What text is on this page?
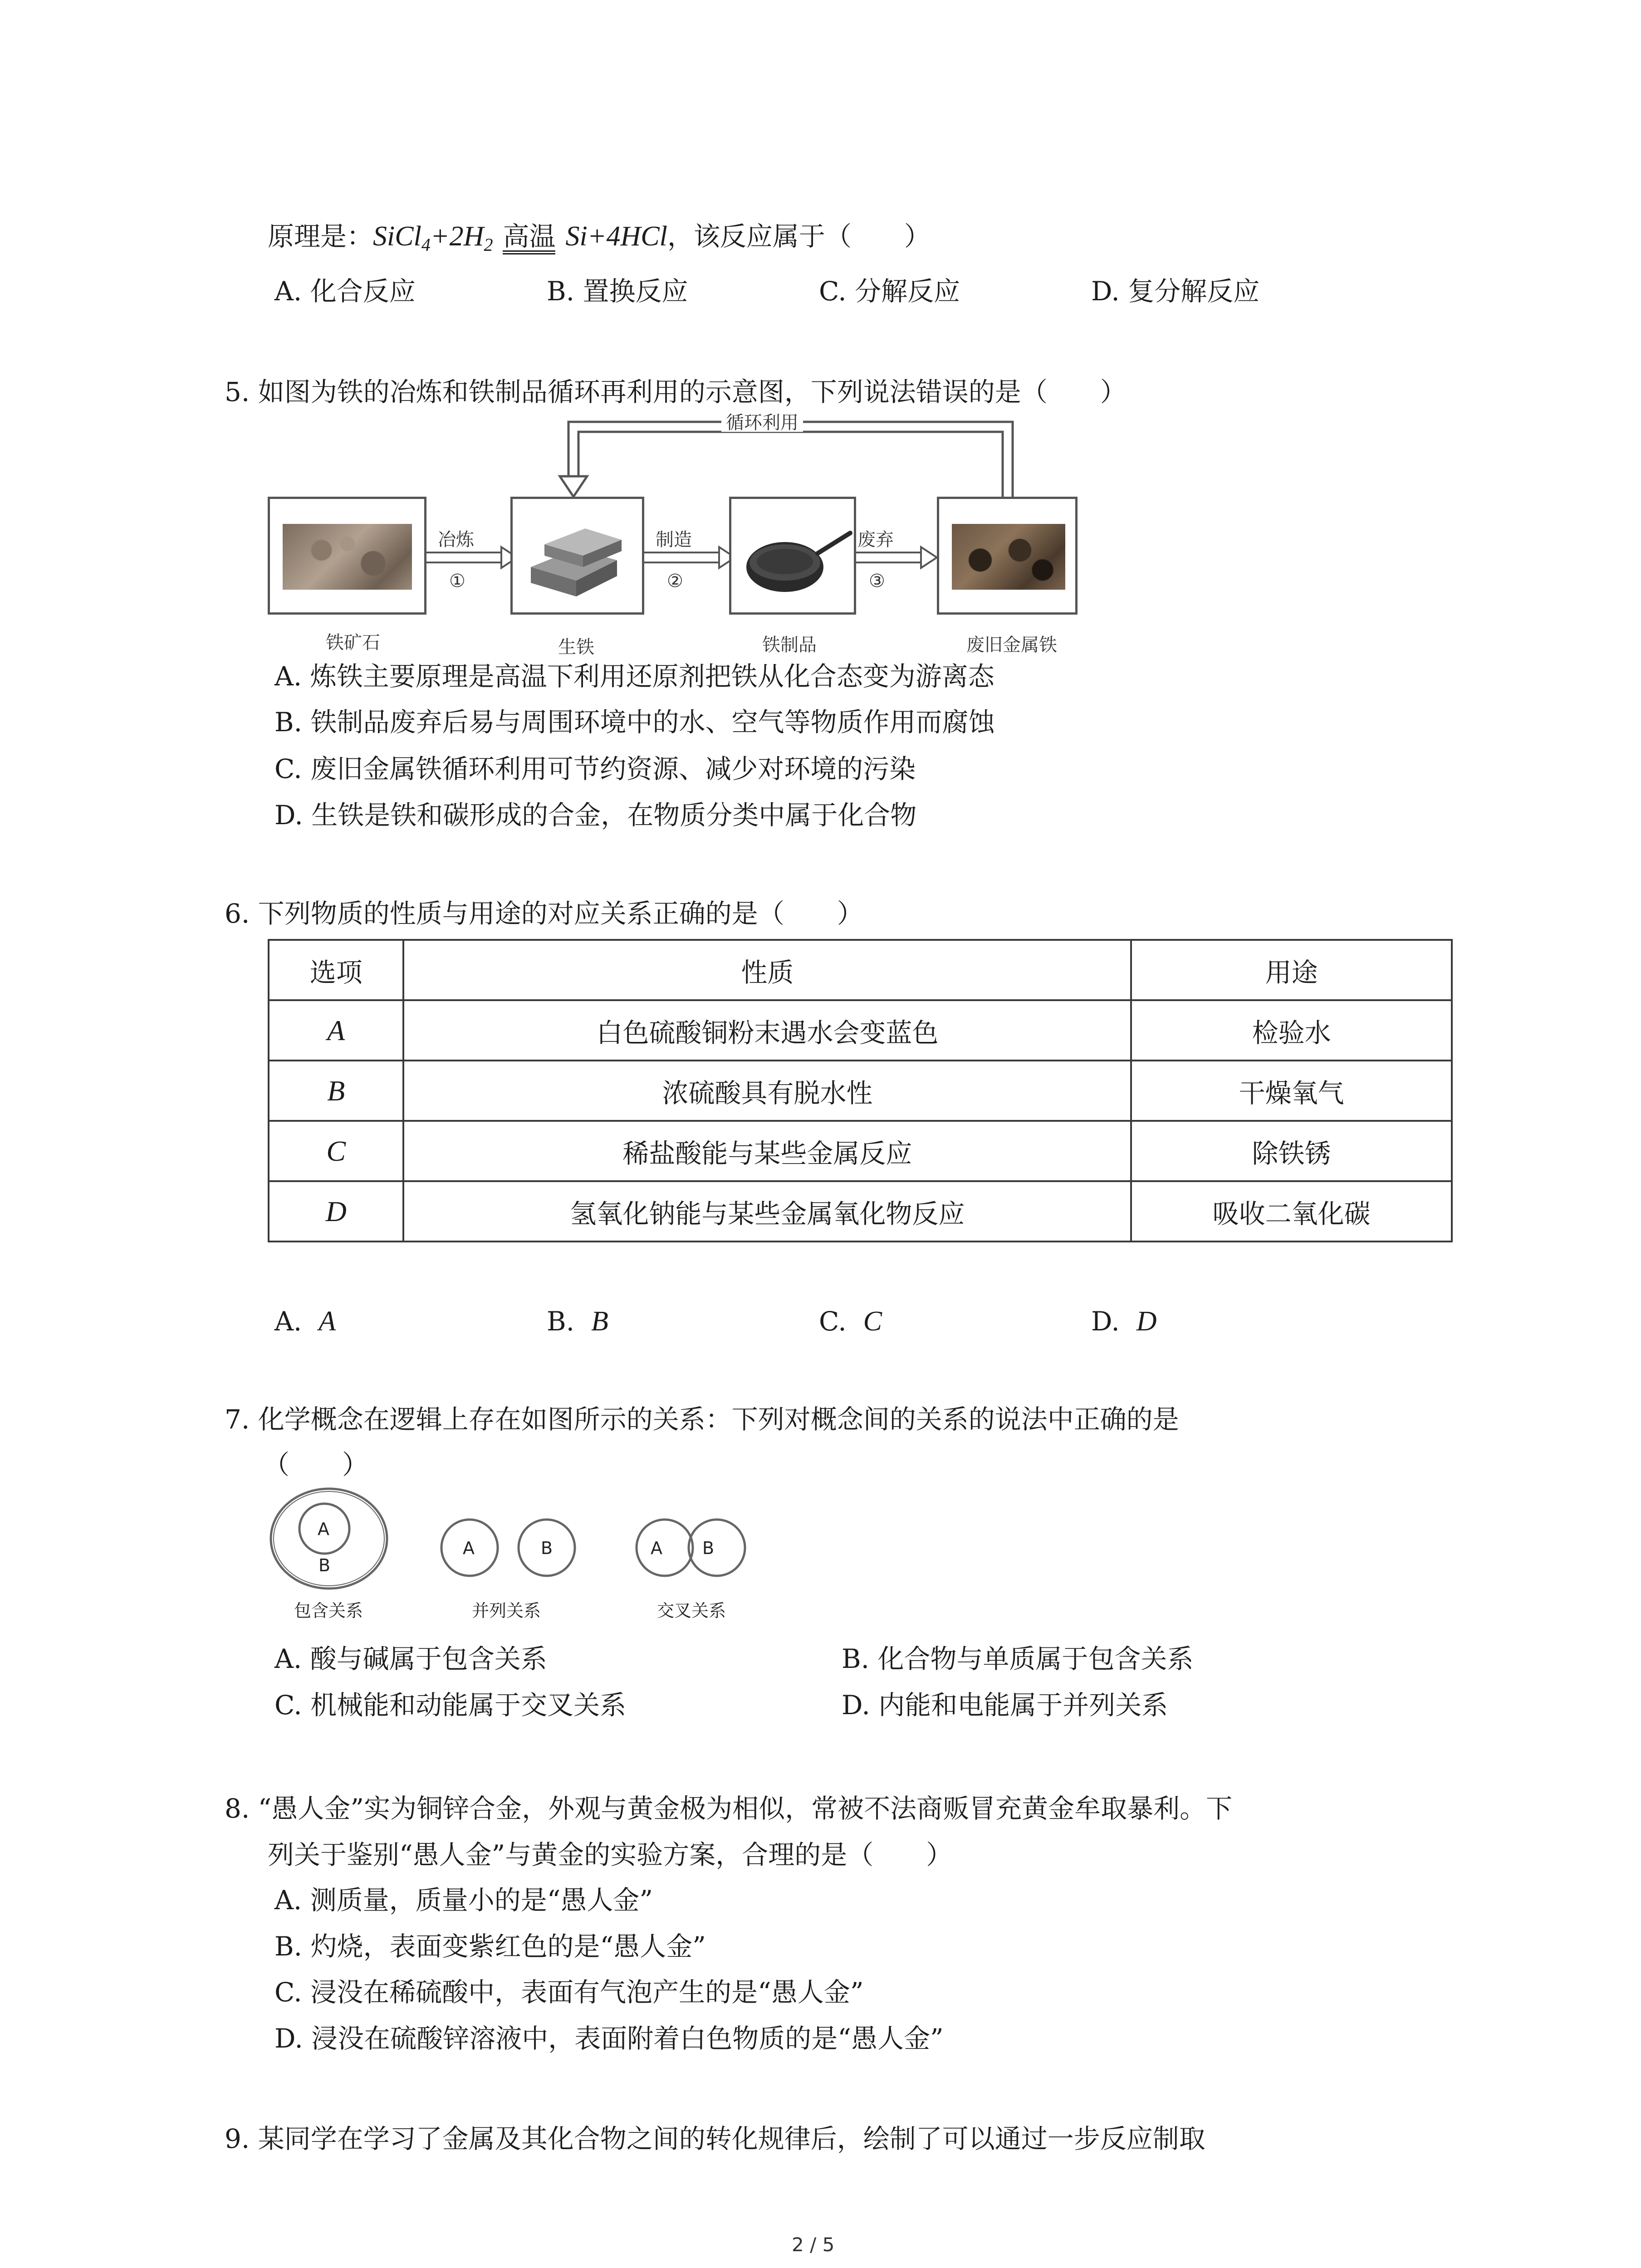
原理是：$SiCl_4+2H_2$ 高温 Si+4HCl，该反应属于（　　）
A. 化合反应	B. 置换反应	C. 分解反应	D. 复分解反应
5. 如图为铁的冶炼和铁制品循环再利用的示意图，下列说法错误的是（　　）
循环利用
冶炼
①
制造
②
废弃
③
铁矿石	生铁	铁制品	废旧金属铁
A. 炼铁主要原理是高温下利用还原剂把铁从化合态变为游离态
B. 铁制品废弃后易与周围环境中的水、空气等物质作用而腐蚀
C. 废旧金属铁循环利用可节约资源、减少对环境的污染
D. 生铁是铁和碳形成的合金，在物质分类中属于化合物
6. 下列物质的性质与用途的对应关系正确的是（　　）
选项	性质	用途
A	白色硫酸铜粉末遇水会变蓝色	检验水
B	浓硫酸具有脱水性	干燥氧气
C	稀盐酸能与某些金属反应	除铁锈
D	氢氧化钠能与某些金属氧化物反应	吸收二氧化碳
A. A	B. B	C. C	D. D
7. 化学概念在逻辑上存在如图所示的关系：下列对概念间的关系的说法中正确的是
（　　）
A
B
A	B	A B
包含关系	并列关系	交叉关系
A. 酸与碱属于包含关系	B. 化合物与单质属于包含关系
C. 机械能和动能属于交叉关系	D. 内能和电能属于并列关系
8. “愚人金”实为铜锌合金，外观与黄金极为相似，常被不法商贩冒充黄金牟取暴利。下
列关于鉴别“愚人金”与黄金的实验方案，合理的是（　　）
A. 测质量，质量小的是“愚人金”
B. 灼烧，表面变紫红色的是“愚人金”
C. 浸没在稀硫酸中，表面有气泡产生的是“愚人金”
D. 浸没在硫酸锌溶液中，表面附着白色物质的是“愚人金”
9. 某同学在学习了金属及其化合物之间的转化规律后，绘制了可以通过一步反应制取
2 / 5
